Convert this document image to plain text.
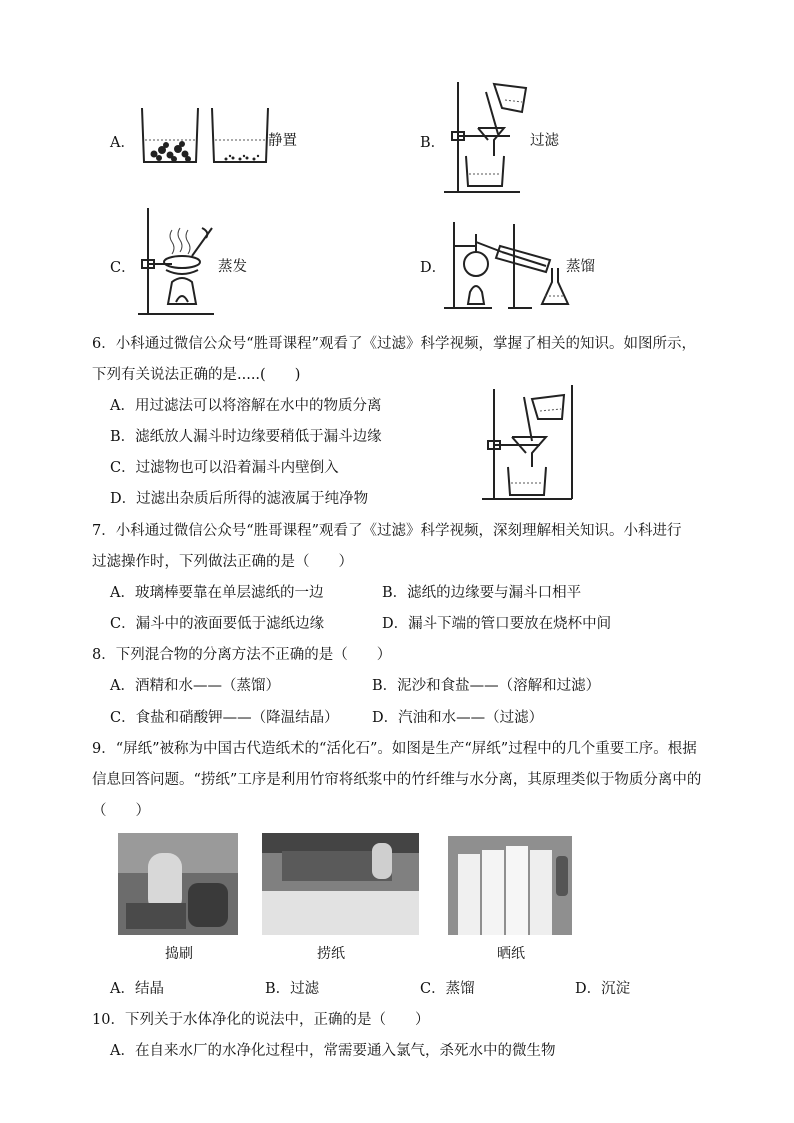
A．	静置	B．	过滤
C．	蒸发	D．	蒸馏
6．小科通过微信公众号“胜哥课程”观看了《过滤》科学视频，掌握了相关的知识。如图所示，
下列有关说法正确的是.....(　　)
A．用过滤法可以将溶解在水中的物质分离
B．滤纸放人漏斗时边缘要稍低于漏斗边缘
C．过滤物也可以沿着漏斗内壁倒入
D．过滤出杂质后所得的滤液属于纯净物
7．小科通过微信公众号“胜哥课程”观看了《过滤》科学视频，深刻理解相关知识。小科进行
过滤操作时，下列做法正确的是（　　）
A．玻璃棒要靠在单层滤纸的一边	B．滤纸的边缘要与漏斗口相平
C．漏斗中的液面要低于滤纸边缘	D．漏斗下端的管口要放在烧杯中间
8．下列混合物的分离方法不正确的是（　　）
A．酒精和水——（蒸馏）	B．泥沙和食盐——（溶解和过滤）
C．食盐和硝酸钾——（降温结晶） D．汽油和水——（过滤）
9．“屏纸”被称为中国古代造纸术的“活化石”。如图是生产“屏纸”过程中的几个重要工序。根据
信息回答问题。“捞纸”工序是利用竹帘将纸浆中的竹纤维与水分离，其原理类似于物质分离中的
（　　）
捣刷	捞纸	晒纸
A．结晶	B．过滤	C．蒸馏	D．沉淀
10．下列关于水体净化的说法中，正确的是（　　）
A．在自来水厂的水净化过程中，常需要通入氯气，杀死水中的微生物
